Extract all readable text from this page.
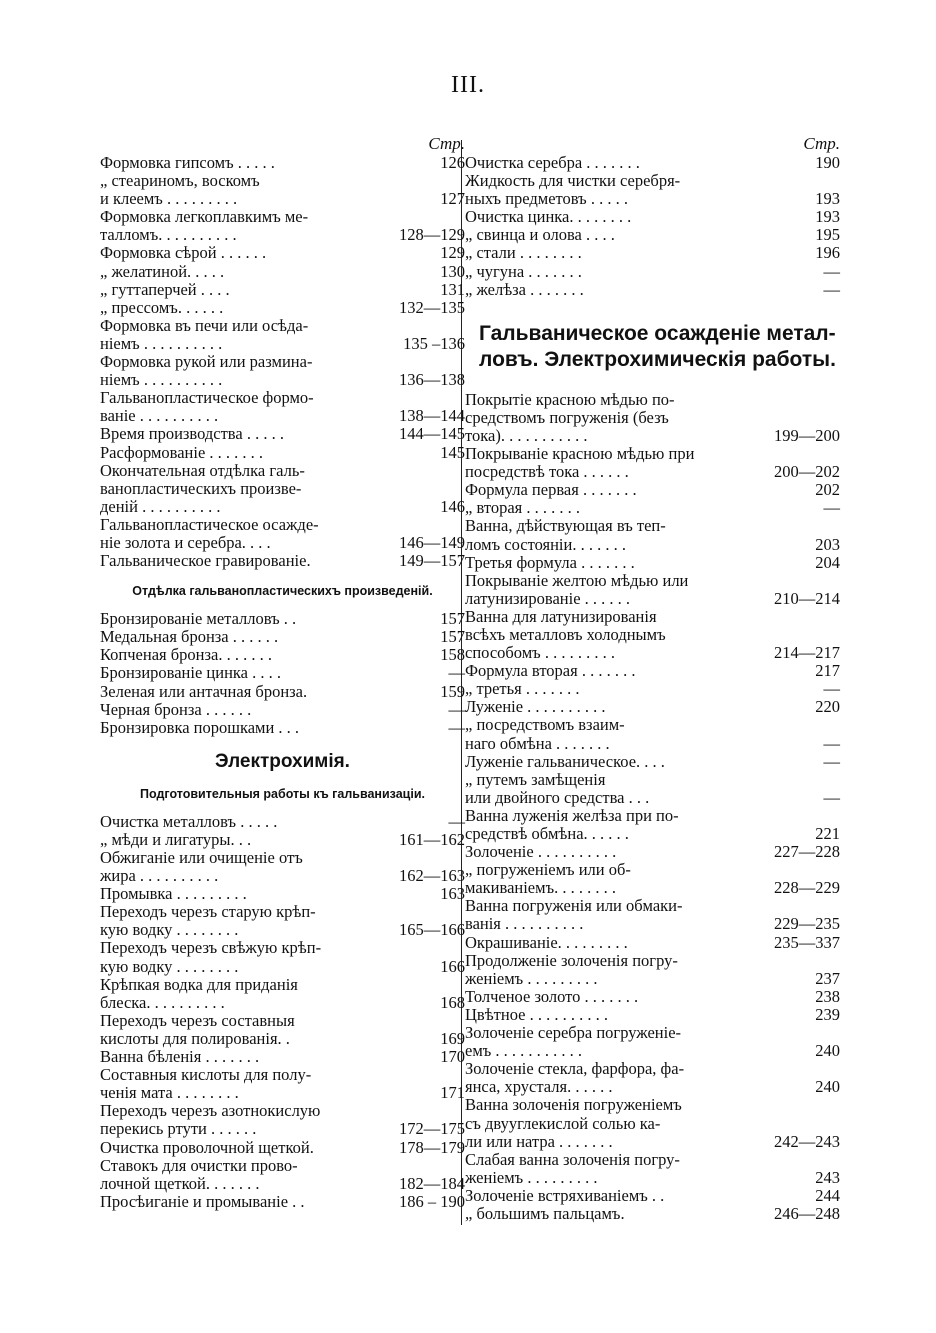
III.
Стр.
Формовка гипсомъ . . . . .	126
„ стеариномъ, воскомъ
и клеемъ . . . . . . . . .	127
Формовка легкоплавкимъ ме-
талломъ. . . . . . . . . .	128—129
Формовка сѣрой . . . . . .	129
„ желатиной. . . . .	130
„ гуттаперчей . . . .	131
„ прессомъ. . . . . .	132—135
Формовка въ печи или осѣда-
ніемъ . . . . . . . . . .	135 –136
Формовка рукой или размина-
ніемъ . . . . . . . . . .	136—138
Гальванопластическое формо-
ваніе . . . . . . . . . .	138—144
Время производства . . . . .	144—145
Расформованіе . . . . . . .	145
Окончательная отдѣлка галь-
ванопластическихъ произве-
деній . . . . . . . . . .	146
Гальванопластическое осажде-
ніе золота и серебра. . . .	146—149
Гальваническое гравированіе.	149—157
Отдѣлка гальванопластическихъ произведеній.
Бронзированіе металловъ . .	157
Медальная бронза . . . . . .	157
Копченая бронза. . . . . . .	158
Бронзированіе цинка . . . .	—
Зеленая или антачная бронза.	159
Черная бронза . . . . . .	—
Бронзировка порошками . . .	—
Электрохимія.
Подготовительныя работы къ гальванизаціи.
Очистка металловъ . . . . .	—
„ мѣди и лигатуры. . .	161—162
Обжиганіе или очищеніе отъ
жира . . . . . . . . . .	162—163
Промывка . . . . . . . . .	163
Переходъ черезъ старую крѣп-
кую водку . . . . . . . .	165—166
Переходъ черезъ свѣжую крѣп-
кую водку . . . . . . . .	166
Крѣпкая водка для приданія
блеска. . . . . . . . . .	168
Переходъ черезъ составныя
кислоты для полированія. .	169
Ванна бѣленія . . . . . . .	170
Составныя кислоты для полу-
ченія мата . . . . . . . .	171
Переходъ черезъ азотнокислую
перекись ртути . . . . . .	172—175
Очистка проволочной щеткой.	178—179
Ставокъ для очистки прово-
лочной щеткой. . . . . . .	182—184
Просѣиганіе и промываніе . .	186 – 190
Стр.
Очистка серебра . . . . . . .	190
Жидкость для чистки серебря-
ныхъ предметовъ . . . . .	193
Очистка цинка. . . . . . . .	193
„ свинца и олова . . . .	195
„ стали . . . . . . . .	196
„ чугуна . . . . . . .	—
„ желѣза . . . . . . .	—
Гальваническое осажденіе метал-
ловъ. Электрохимическія работы.
Покрытіе красною мѣдью по-
средствомъ погруженія (безъ
тока). . . . . . . . . . .	199—200
Покрываніе красною мѣдью при
посредствѣ тока . . . . . .	200—202
Формула первая . . . . . . .	202
„ вторая . . . . . . .	—
Ванна, дѣйствующая въ теп-
ломъ состояніи. . . . . . .	203
Третья формула . . . . . . .	204
Покрываніе желтою мѣдью или
латунизированіе . . . . . .	210—214
Ванна для латунизированія
всѣхъ металловъ холоднымъ
способомъ . . . . . . . . .	214—217
Формула вторая . . . . . . .	217
„ третья . . . . . . .	—
Луженіе . . . . . . . . . .	220
„ посредствомъ взаим-
наго обмѣна . . . . . . .	—
Луженіе гальваническое. . . .	—
„ путемъ замѣщенія
или двойного средства . . .	—
Ванна луженія желѣза при по-
средствѣ обмѣна. . . . . .	221
Золоченіе . . . . . . . . . .	227—228
„ погруженіемъ или об-
макиваніемъ. . . . . . . .	228—229
Ванна погруженія или обмаки-
ванія . . . . . . . . . .	229—235
Окрашиваніе. . . . . . . . .	235—337
Продолженіе золоченія погру-
женіемъ . . . . . . . . .	237
Толченое золото . . . . . . .	238
Цвѣтное . . . . . . . . . .	239
Золоченіе серебра погруженіе-
емъ . . . . . . . . . . .	240
Золоченіе стекла, фарфора, фа-
янса, хрусталя. . . . . .	240
Ванна золоченія погруженіемъ
съ двууглекислой солью ка-
ли или натра . . . . . . .	242—243
Слабая ванна золоченія погру-
женіемъ . . . . . . . . .	243
Золоченіе встряхиваніемъ . .	244
„ большимъ пальцамъ.	246—248
